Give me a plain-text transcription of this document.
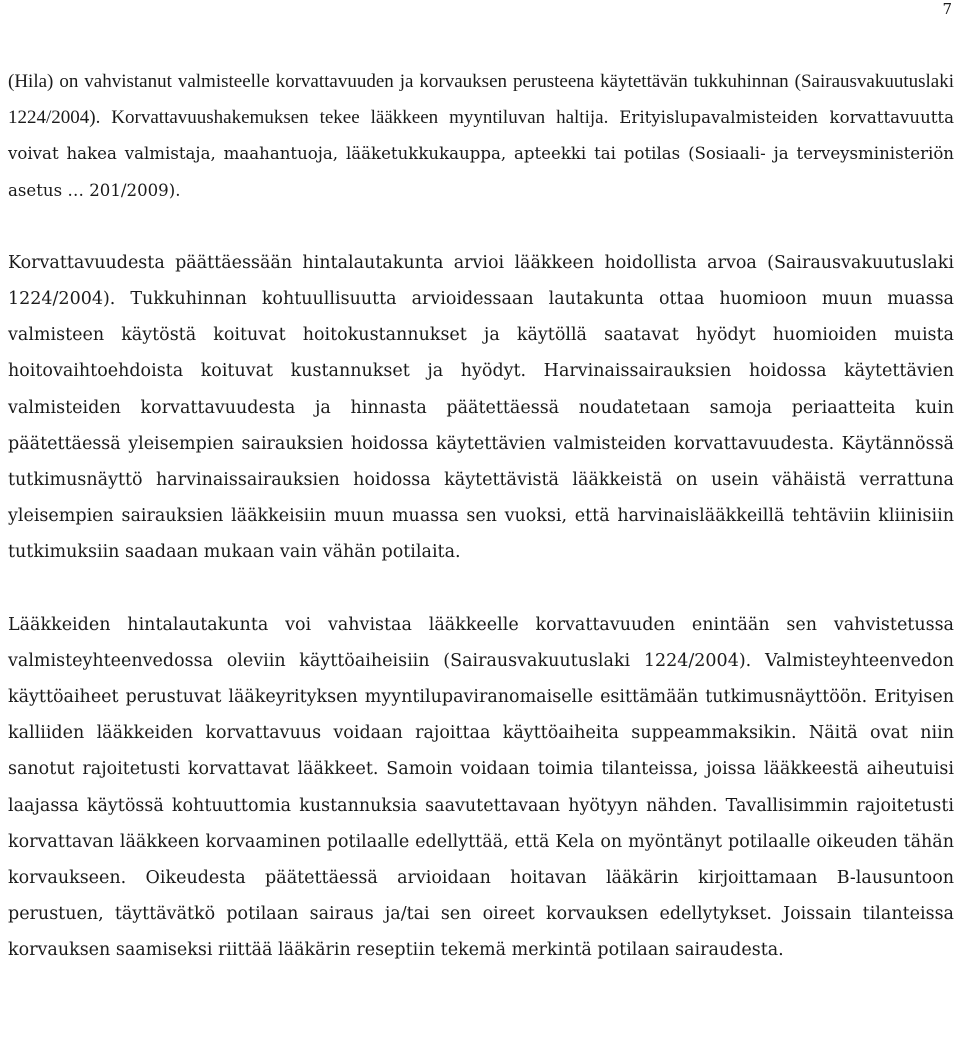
7

(Hila) on vahvistanut valmisteelle korvattavuuden ja korvauksen perusteena käytettävän tukkuhinnan (Sairausvakuutuslaki 1224/2004). Korvattavuushakemuksen tekee lääkkeen myyntiluvan haltija. Erityislupavalmisteiden korvattavuutta voivat hakea valmistaja, maahantuoja, lääketukkukauppa, apteekki tai potilas (Sosiaali- ja terveysministeriön asetus … 201/2009).

Korvattavuudesta päättäessään hintalautakunta arvioi lääkkeen hoidollista arvoa (Sairausvakuutuslaki 1224/2004). Tukkuhinnan kohtuullisuutta arvioidessaan lautakunta ottaa huomioon muun muassa valmisteen käytöstä koituvat hoitokustannukset ja käytöllä saatavat hyödyt huomioiden muista hoitovaihtoehdoista koituvat kustannukset ja hyödyt. Harvinaissairauksien hoidossa käytettävien valmisteiden korvattavuudesta ja hinnasta päätettäessä noudatetaan samoja periaatteita kuin päätettäessä yleisempien sairauksien hoidossa käytettävien valmisteiden korvattavuudesta. Käytännössä tutkimusnäyttö harvinaissairauksien hoidossa käytettävistä lääkkeistä on usein vähäistä verrattuna yleisempien sairauksien lääkkeisiin muun muassa sen vuoksi, että harvinaislääkkeillä tehtäviin kliinisiin tutkimuksiin saadaan mukaan vain vähän potilaita.

Lääkkeiden hintalautakunta voi vahvistaa lääkkeelle korvattavuuden enintään sen vahvistetussa valmisteyhteenvedossa oleviin käyttöaiheisiin (Sairausvakuutuslaki 1224/2004). Valmisteyhteenvedon käyttöaiheet perustuvat lääkeyrityksen myyntilupaviranomaiselle esittämään tutkimusnäyttöön. Erityisen kalliiden lääkkeiden korvattavuus voidaan rajoittaa käyttöaiheita suppeammaksikin. Näitä ovat niin sanotut rajoitetusti korvattavat lääkkeet. Samoin voidaan toimia tilanteissa, joissa lääkkeestä aiheutuisi laajassa käytössä kohtuuttomia kustannuksia saavutettavaan hyötyyn nähden. Tavallisimmin rajoitetusti korvattavan lääkkeen korvaaminen potilaalle edellyttää, että Kela on myöntänyt potilaalle oikeuden tähän korvaukseen. Oikeudesta päätettäessä arvioidaan hoitavan lääkärin kirjoittamaan B-lausuntoon perustuen, täyttävätkö potilaan sairaus ja/tai sen oireet korvauksen edellytykset. Joissain tilanteissa korvauksen saamiseksi riittää lääkärin reseptiin tekemä merkintä potilaan sairaudesta.
